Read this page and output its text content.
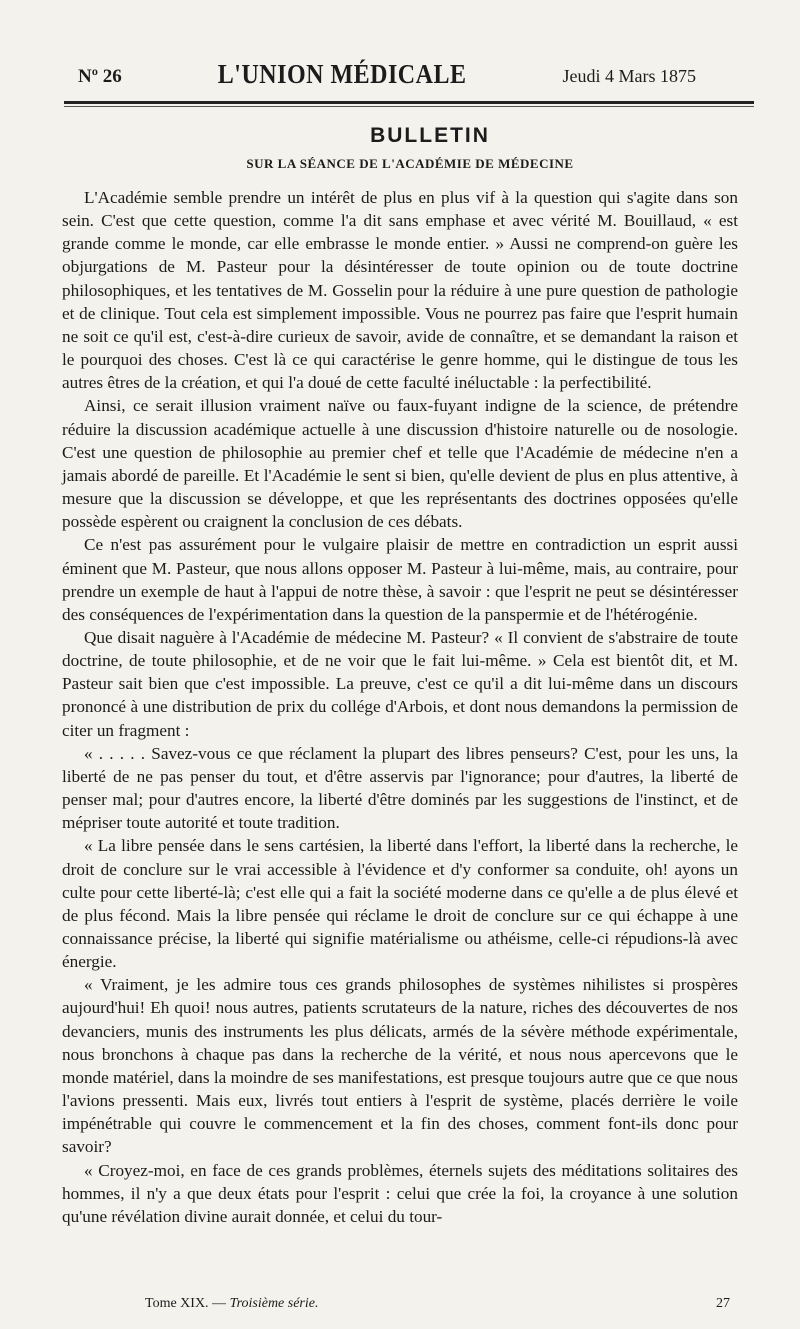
Nº 26	L'UNION MÉDICALE	Jeudi 4 Mars 1875
BULLETIN
SUR LA SÉANCE DE L'ACADÉMIE DE MÉDECINE

L'Académie semble prendre un intérêt de plus en plus vif à la question qui s'agite dans son sein. C'est que cette question, comme l'a dit sans emphase et avec vérité M. Bouillaud, « est grande comme le monde, car elle embrasse le monde entier. » Aussi ne comprend-on guère les objurgations de M. Pasteur pour la désintéresser de toute opinion ou de toute doctrine philosophiques, et les tentatives de M. Gosselin pour la réduire à une pure question de pathologie et de clinique. Tout cela est simplement impossible. Vous ne pourrez pas faire que l'esprit humain ne soit ce qu'il est, c'est-à-dire curieux de savoir, avide de connaître, et se demandant la raison et le pourquoi des choses. C'est là ce qui caractérise le genre homme, qui le distingue de tous les autres êtres de la création, et qui l'a doué de cette faculté inéluctable : la perfectibilité.

Ainsi, ce serait illusion vraiment naïve ou faux-fuyant indigne de la science, de prétendre réduire la discussion académique actuelle à une discussion d'histoire naturelle ou de nosologie. C'est une question de philosophie au premier chef et telle que l'Académie de médecine n'en a jamais abordé de pareille. Et l'Académie le sent si bien, qu'elle devient de plus en plus attentive, à mesure que la discussion se développe, et que les représentants des doctrines opposées qu'elle possède espèrent ou craignent la conclusion de ces débats.

Ce n'est pas assurément pour le vulgaire plaisir de mettre en contradiction un esprit aussi éminent que M. Pasteur, que nous allons opposer M. Pasteur à lui-même, mais, au contraire, pour prendre un exemple de haut à l'appui de notre thèse, à savoir : que l'esprit ne peut se désintéresser des conséquences de l'expérimentation dans la question de la panspermie et de l'hétérogénie.

Que disait naguère à l'Académie de médecine M. Pasteur? « Il convient de s'abstraire de toute doctrine, de toute philosophie, et de ne voir que le fait lui-même. » Cela est bientôt dit, et M. Pasteur sait bien que c'est impossible. La preuve, c'est ce qu'il a dit lui-même dans un discours prononcé à une distribution de prix du collége d'Arbois, et dont nous demandons la permission de citer un fragment :

« . . . . . Savez-vous ce que réclament la plupart des libres penseurs? C'est, pour les uns, la liberté de ne pas penser du tout, et d'être asservis par l'ignorance; pour d'autres, la liberté de penser mal; pour d'autres encore, la liberté d'être dominés par les suggestions de l'instinct, et de mépriser toute autorité et toute tradition.

« La libre pensée dans le sens cartésien, la liberté dans l'effort, la liberté dans la recherche, le droit de conclure sur le vrai accessible à l'évidence et d'y conformer sa conduite, oh! ayons un culte pour cette liberté-là; c'est elle qui a fait la société moderne dans ce qu'elle a de plus élevé et de plus fécond. Mais la libre pensée qui réclame le droit de conclure sur ce qui échappe à une connaissance précise, la liberté qui signifie matérialisme ou athéisme, celle-ci répudions-là avec énergie.

« Vraiment, je les admire tous ces grands philosophes de systèmes nihilistes si prospères aujourd'hui! Eh quoi! nous autres, patients scrutateurs de la nature, riches des découvertes de nos devanciers, munis des instruments les plus délicats, armés de la sévère méthode expérimentale, nous bronchons à chaque pas dans la recherche de la vérité, et nous nous apercevons que le monde matériel, dans la moindre de ses manifestations, est presque toujours autre que ce que nous l'avions pressenti. Mais eux, livrés tout entiers à l'esprit de système, placés derrière le voile impénétrable qui couvre le commencement et la fin des choses, comment font-ils donc pour savoir?

« Croyez-moi, en face de ces grands problèmes, éternels sujets des méditations solitaires des hommes, il n'y a que deux états pour l'esprit : celui que crée la foi, la croyance à une solution qu'une révélation divine aurait donnée, et celui du tour-

Tome XIX. — Troisième série.	27
